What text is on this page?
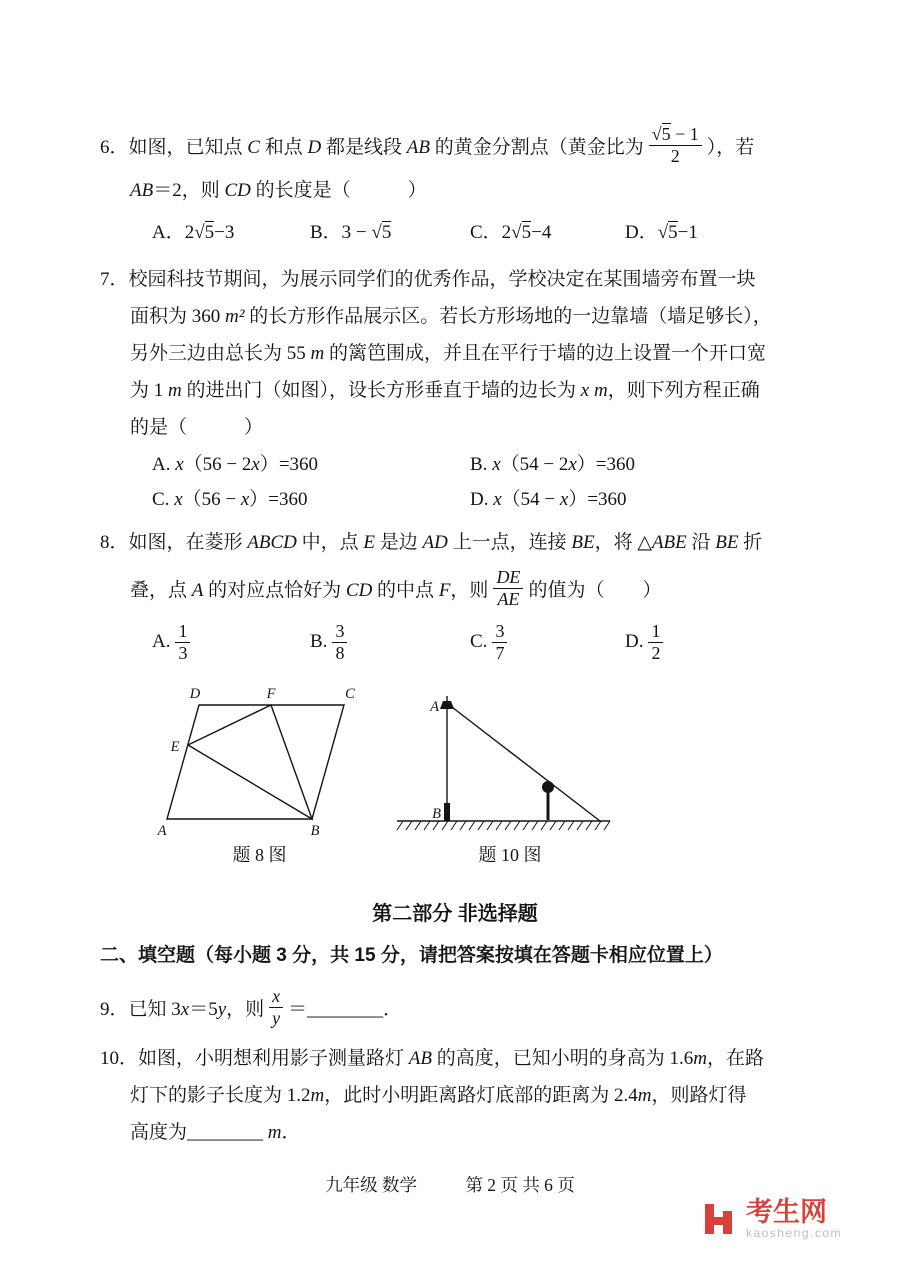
6．如图，已知点 C 和点 D 都是线段 AB 的黄金分割点（黄金比为 $\frac{√5 - 1}{2}$ ），若
AB＝2，则 CD 的长度是（　　　）
A．2√5−3	B．3 − √5	C．2√5−4	D．√5−1
7．校园科技节期间，为展示同学们的优秀作品，学校决定在某围墙旁布置一块
面积为 360 m² 的长方形作品展示区。若长方形场地的一边靠墙（墙足够长），
另外三边由总长为 55 m 的篱笆围成，并且在平行于墙的边上设置一个开口宽
为 1 m 的进出门（如图），设长方形垂直于墙的边长为 x m，则下列方程正确
的是（　　　）
A. x（56 − 2x）=360	B. x（54 − 2x）=360
C. x（56 − x）=360	D. x（54 − x）=360
8．如图，在菱形 ABCD 中，点 E 是边 AD 上一点，连接 BE，将 △ABE 沿 BE 折
叠，点 A 的对应点恰好为 CD 的中点 F，则 $\frac{DE}{AE}$ 的值为（　　）
A. $\frac{1}{3}$	B. $\frac{3}{8}$	C. $\frac{3}{7}$	D. $\frac{1}{2}$
A	B
C
D
E
F
题 8 图
A
B
题 10 图
第二部分 非选择题
二、填空题（每小题 3 分，共 15 分，请把答案按填在答题卡相应位置上）
9．已知 3x＝5y，则 $\frac{x}{y}$ ＝________．
10．如图，小明想利用影子测量路灯 AB 的高度，已知小明的身高为 1.6m，在路
灯下的影子长度为 1.2m，此时小明距离路灯底部的距离为 2.4m，则路灯得
高度为________ m．
九年级 数学	第 2 页 共 6 页
考生网
kaosheng.com
